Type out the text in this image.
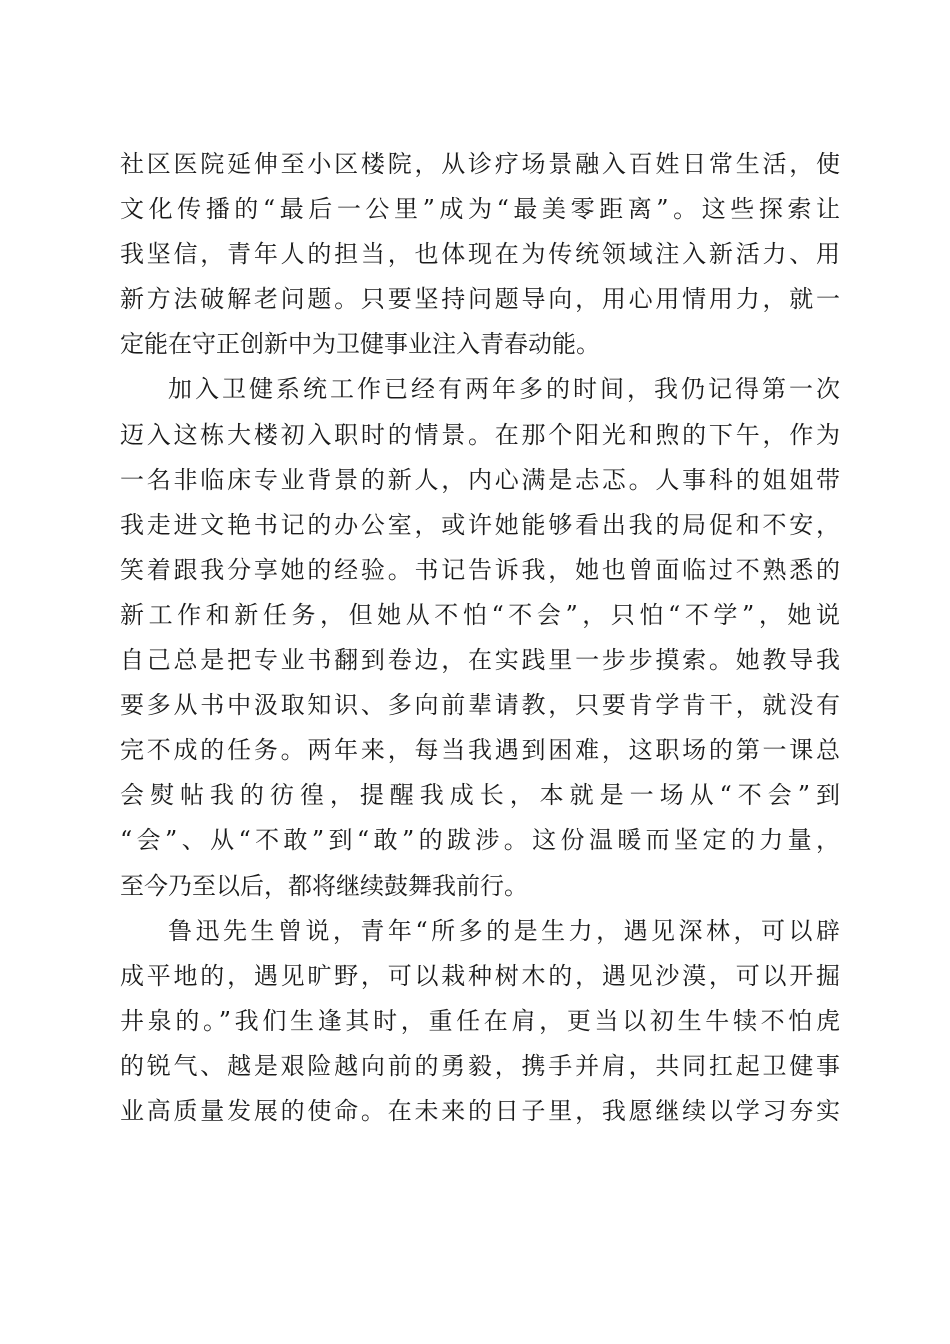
社区医院延伸至小区楼院，从诊疗场景融入百姓日常生活，使
文化传播的“最后一公里”成为“最美零距离”。这些探索让
我坚信，青年人的担当，也体现在为传统领域注入新活力、用
新方法破解老问题。只要坚持问题导向，用心用情用力，就一
定能在守正创新中为卫健事业注入青春动能。
加入卫健系统工作已经有两年多的时间，我仍记得第一次
迈入这栋大楼初入职时的情景。在那个阳光和煦的下午，作为
一名非临床专业背景的新人，内心满是忐忑。人事科的姐姐带
我走进文艳书记的办公室，或许她能够看出我的局促和不安，
笑着跟我分享她的经验。书记告诉我，她也曾面临过不熟悉的
新工作和新任务，但她从不怕“不会”，只怕“不学”，她说
自己总是把专业书翻到卷边，在实践里一步步摸索。她教导我
要多从书中汲取知识、多向前辈请教，只要肯学肯干，就没有
完不成的任务。两年来，每当我遇到困难，这职场的第一课总
会熨帖我的彷徨，提醒我成长，本就是一场从“不会”到
“会”、从“不敢”到“敢”的跋涉。这份温暖而坚定的力量，
至今乃至以后，都将继续鼓舞我前行。
鲁迅先生曾说，青年“所多的是生力，遇见深林，可以辟
成平地的，遇见旷野，可以栽种树木的，遇见沙漠，可以开掘
井泉的。”我们生逢其时，重任在肩，更当以初生牛犊不怕虎
的锐气、越是艰险越向前的勇毅，携手并肩，共同扛起卫健事
业高质量发展的使命。在未来的日子里，我愿继续以学习夯实
